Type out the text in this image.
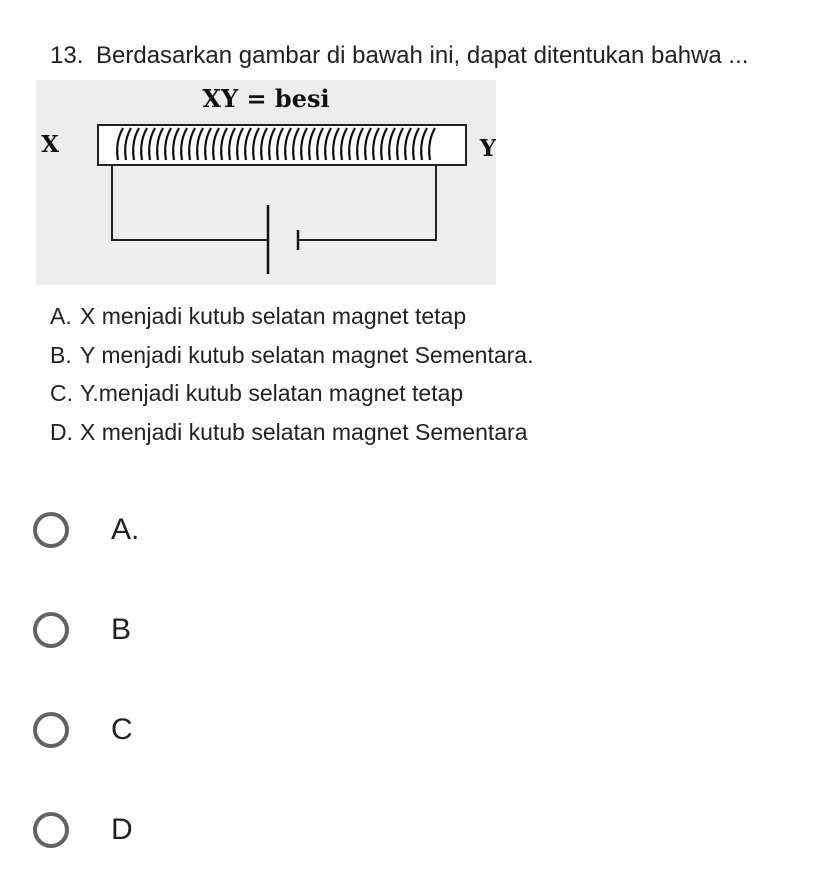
13. Berdasarkan gambar di bawah ini, dapat ditentukan bahwa ...
XY = besi
X	Y
A. X menjadi kutub selatan magnet tetap
B. Y menjadi kutub selatan magnet Sementara.
C. Y.menjadi kutub selatan magnet tetap
D. X menjadi kutub selatan magnet Sementara
A.
B
C
D
